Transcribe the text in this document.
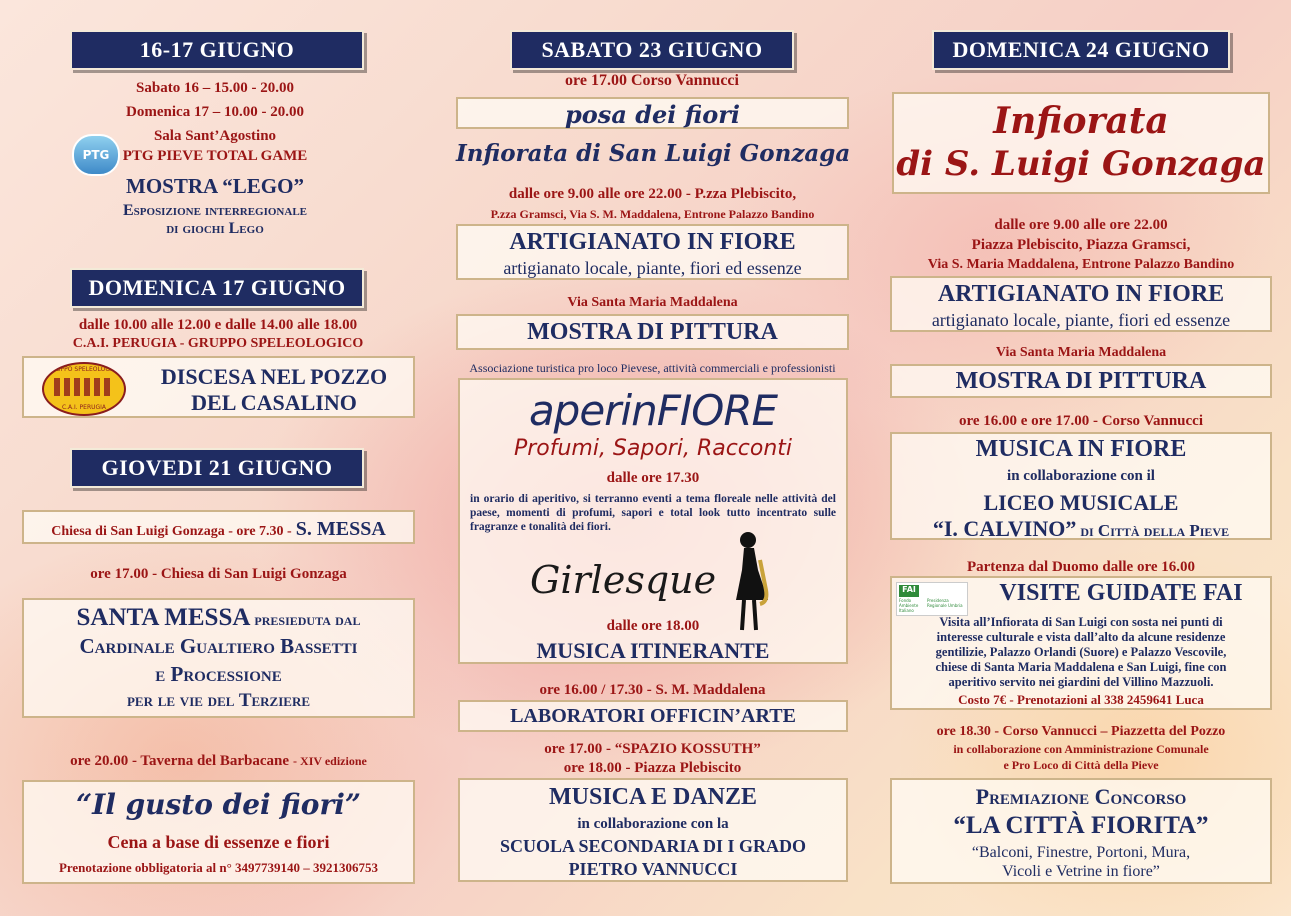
16-17 GIUGNO
Sabato 16 – 15.00 - 20.00
Domenica 17 – 10.00 - 20.00
Sala Sant’Agostino
PTG PIEVE TOTAL GAME
PTG
MOSTRA “LEGO”
Esposizione interregionale
di giochi Lego
DOMENICA 17 GIUGNO
dalle 10.00 alle 12.00 e dalle 14.00 alle 18.00
C.A.I. PERUGIA - GRUPPO SPELEOLOGICO
GRUPPO SPELEOLOGICO
C.A.I. PERUGIA
DISCESA NEL POZZO
DEL CASALINO
GIOVEDI 21 GIUGNO
Chiesa di San Luigi Gonzaga - ore 7.30 - S. MESSA
ore 17.00 - Chiesa di San Luigi Gonzaga
SANTA MESSA presieduta dal
Cardinale Gualtiero Bassetti
e Processione
per le vie del Terziere
ore 20.00 - Taverna del Barbacane - XIV edizione
“Il gusto dei fiori”
Cena a base di essenze e fiori
Prenotazione obbligatoria al n° 3497739140 – 3921306753
SABATO 23 GIUGNO
ore 17.00 Corso Vannucci
posa dei fiori
Infiorata di San Luigi Gonzaga
dalle ore 9.00 alle ore 22.00 - P.zza Plebiscito,
P.zza Gramsci, Via S. M. Maddalena, Entrone Palazzo Bandino
ARTIGIANATO IN FIORE
artigianato locale, piante, fiori ed essenze
Via Santa Maria Maddalena
MOSTRA DI PITTURA
Associazione turistica pro loco Pievese, attività commerciali e professionisti
aperinFIORE
Profumi, Sapori, Racconti
dalle ore 17.30
in orario di aperitivo, si terranno eventi a tema floreale nelle attività del paese, momenti di profumi, sapori e total look tutto incentrato sulle fragranze e tonalità dei fiori.
Girlesque
dalle ore 18.00
MUSICA ITINERANTE
ore 16.00 / 17.30 - S. M. Maddalena
LABORATORI OFFICIN’ARTE
ore 17.00 - “SPAZIO KOSSUTH”
ore 18.00 - Piazza Plebiscito
MUSICA E DANZE
in collaborazione con la
SCUOLA SECONDARIA DI I GRADO
PIETRO VANNUCCI
DOMENICA 24 GIUGNO
Infiorata
di S. Luigi Gonzaga
dalle ore 9.00 alle ore 22.00
Piazza Plebiscito, Piazza Gramsci,
Via S. Maria Maddalena, Entrone Palazzo Bandino
ARTIGIANATO IN FIORE
artigianato locale, piante, fiori ed essenze
Via Santa Maria Maddalena
MOSTRA DI PITTURA
ore 16.00 e ore 17.00 - Corso Vannucci
MUSICA IN FIORE
in collaborazione con il
LICEO MUSICALE
“I. CALVINO” di Città della Pieve
Partenza dal Duomo dalle ore 16.00
FAI
Fondo Ambiente Italiano
Presidenza Regionale Umbria	VISITE GUIDATE FAI
Visita all’Infiorata di San Luigi con sosta nei punti di
interesse culturale e vista dall’alto da alcune residenze
gentilizie, Palazzo Orlandi (Suore) e Palazzo Vescovile,
chiese di Santa Maria Maddalena e San Luigi, fine con
aperitivo servito nei giardini del Villino Mazzuoli.
Costo 7€ - Prenotazioni al 338 2459641 Luca
ore 18.30 - Corso Vannucci – Piazzetta del Pozzo
in collaborazione con Amministrazione Comunale
e Pro Loco di Città della Pieve
Premiazione Concorso
“LA CITTÀ FIORITA”
“Balconi, Finestre, Portoni, Mura,
Vicoli e Vetrine in fiore”
